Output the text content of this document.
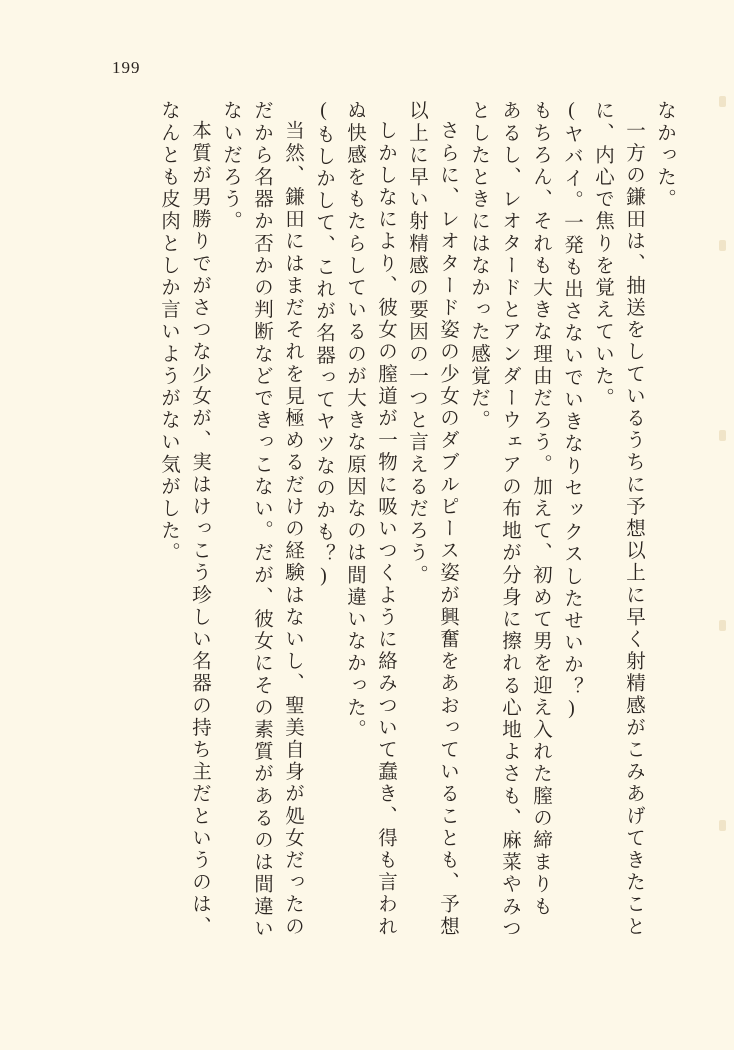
199
なかった。
一方の鎌田は、抽送をしているうちに予想以上に早く射精感がこみあげてきたこと
に、内心で焦りを覚えていた。
(ヤバイ。一発も出さないでいきなりセックスしたせいか？)
もちろん、それも大きな理由だろう。加えて、初めて男を迎え入れた膣の締まりも
あるし、レオタードとアンダーウェアの布地が分身に擦れる心地よさも、麻菜やみつ
としたときにはなかった感覚だ。
さらに、レオタード姿の少女のダブルピース姿が興奮をあおっていることも、予想
以上に早い射精感の要因の一つと言えるだろう。
しかしなにより、彼女の膣道が一物に吸いつくように絡みついて蠢き、得も言われ
ぬ快感をもたらしているのが大きな原因なのは間違いなかった。
(もしかして、これが名器ってヤツなのかも？)
当然、鎌田にはまだそれを見極めるだけの経験はないし、聖美自身が処女だったの
だから名器か否かの判断などできっこない。だが、彼女にその素質があるのは間違い
ないだろう。
本質が男勝りでがさつな少女が、実はけっこう珍しい名器の持ち主だというのは、
なんとも皮肉としか言いようがない気がした。
